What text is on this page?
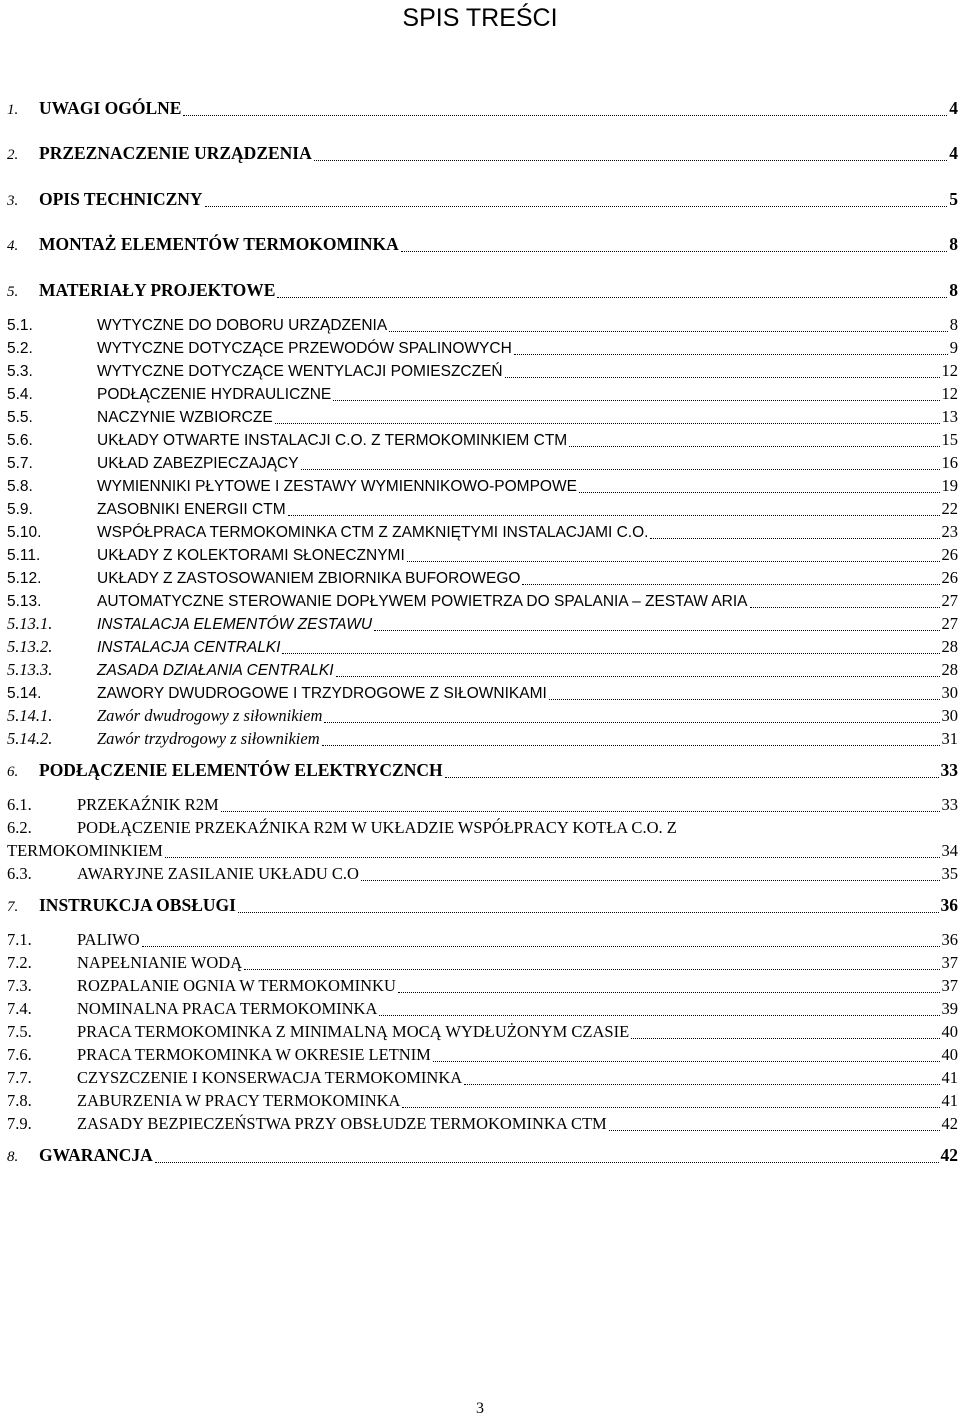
SPIS TREŚCI
1.	UWAGI OGÓLNE	4
2.	PRZEZNACZENIE URZĄDZENIA	4
3.	OPIS TECHNICZNY	5
4.	MONTAŻ ELEMENTÓW TERMOKOMINKA	8
5.	MATERIAŁY PROJEKTOWE	8
5.1.	WYTYCZNE DO DOBORU URZĄDZENIA	8
5.2.	WYTYCZNE DOTYCZĄCE PRZEWODÓW SPALINOWYCH	9
5.3.	WYTYCZNE DOTYCZĄCE WENTYLACJI POMIESZCZEŃ	12
5.4.	PODŁĄCZENIE HYDRAULICZNE	12
5.5.	NACZYNIE WZBIORCZE	13
5.6.	UKŁADY OTWARTE INSTALACJI C.O. Z TERMOKOMINKIEM CTM	15
5.7.	UKŁAD ZABEZPIECZAJĄCY	16
5.8.	WYMIENNIKI PŁYTOWE I ZESTAWY WYMIENNIKOWO-POMPOWE	19
5.9.	ZASOBNIKI ENERGII CTM	22
5.10.	WSPÓŁPRACA TERMOKOMINKA CTM Z ZAMKNIĘTYMI INSTALACJAMI C.O.	23
5.11.	UKŁADY Z KOLEKTORAMI SŁONECZNYMI	26
5.12.	UKŁADY Z ZASTOSOWANIEM ZBIORNIKA BUFOROWEGO	26
5.13.	AUTOMATYCZNE STEROWANIE DOPŁYWEM POWIETRZA DO SPALANIA – ZESTAW ARIA	27
5.13.1.	INSTALACJA ELEMENTÓW ZESTAWU	27
5.13.2.	INSTALACJA CENTRALKI	28
5.13.3.	ZASADA DZIAŁANIA CENTRALKI	28
5.14.	ZAWORY DWUDROGOWE I TRZYDROGOWE Z SIŁOWNIKAMI	30
5.14.1.	Zawór dwudrogowy z siłownikiem	30
5.14.2.	Zawór trzydrogowy z siłownikiem	31
6.	PODŁĄCZENIE ELEMENTÓW ELEKTRYCZNCH	33
6.1.	PRZEKAŹNIK R2M	33
6.2.	PODŁĄCZENIE PRZEKAŹNIKA R2M W UKŁADZIE WSPÓŁPRACY KOTŁA C.O. Z
TERMOKOMINKIEM	34
6.3.	AWARYJNE ZASILANIE UKŁADU C.O	35
7.	INSTRUKCJA OBSŁUGI	36
7.1.	PALIWO	36
7.2.	NAPEŁNIANIE WODĄ	37
7.3.	ROZPALANIE OGNIA W TERMOKOMINKU	37
7.4.	NOMINALNA PRACA TERMOKOMINKA	39
7.5.	PRACA TERMOKOMINKA Z MINIMALNĄ MOCĄ WYDŁUŻONYM CZASIE	40
7.6.	PRACA TERMOKOMINKA W OKRESIE LETNIM	40
7.7.	CZYSZCZENIE I KONSERWACJA TERMOKOMINKA	41
7.8.	ZABURZENIA W PRACY TERMOKOMINKA	41
7.9.	ZASADY BEZPIECZEŃSTWA PRZY OBSŁUDZE TERMOKOMINKA CTM	42
8.	GWARANCJA	42
3
